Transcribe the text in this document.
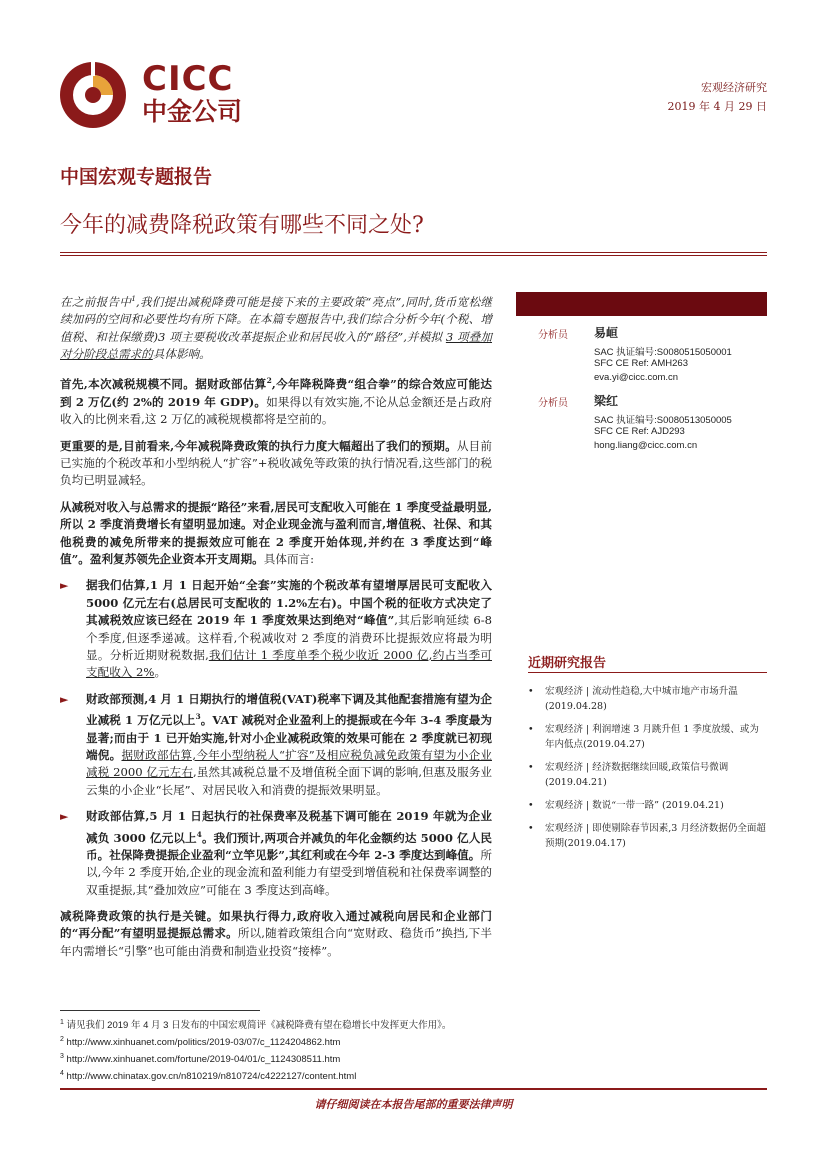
CICC
中金公司
宏观经济研究
2019 年 4 月 29 日
中国宏观专题报告
今年的减费降税政策有哪些不同之处?

在之前报告中$^1$,我们提出减税降费可能是接下来的主要政策“亮点”,同时,货币宽松继续加码的空间和必要性均有所下降。在本篇专题报告中,我们综合分析今年(个税、增值税、和社保缴费)3 项主要税收改革提振企业和居民收入的“路径”,并模拟 3 项叠加对分阶段总需求的具体影响。

首先,本次减税规模不同。据财政部估算$^2$,今年降税降费“组合拳”的综合效应可能达到 2 万亿(约 2%的 2019 年 GDP)。如果得以有效实施,不论从总金额还是占政府收入的比例来看,这 2 万亿的减税规模都将是空前的。

更重要的是,目前看来,今年减税降费政策的执行力度大幅超出了我们的预期。从目前已实施的个税改革和小型纳税人“扩容”+税收减免等政策的执行情况看,这些部门的税负均已明显减轻。

从减税对收入与总需求的提振“路径”来看,居民可支配收入可能在 1 季度受益最明显,所以 2 季度消费增长有望明显加速。对企业现金流与盈利而言,增值税、社保、和其他税费的减免所带来的提振效应可能在 2 季度开始体现,并约在 3 季度达到“峰值”。盈利复苏领先企业资本开支周期。具体而言:

► 据我们估算,1 月 1 日起开始“全套”实施的个税改革有望增厚居民可支配收入 5000 亿元左右(总居民可支配收的 1.2%左右)。中国个税的征收方式决定了其减税效应该已经在 2019 年 1 季度效果达到绝对“峰值”,其后影响延续 6-8 个季度,但逐季递减。这样看,个税减收对 2 季度的消费环比提振效应将最为明显。分析近期财税数据,我们估计 1 季度单季个税少收近 2000 亿,约占当季可支配收入 2%。
► 财政部预测,4 月 1 日期执行的增值税(VAT)税率下调及其他配套措施有望为企业减税 1 万亿元以上$^3$。VAT 减税对企业盈利上的提振或在今年 3-4 季度最为显著;而由于 1 已开始实施,针对小企业减税政策的效果可能在 2 季度就已初现端倪。据财政部估算,今年小型纳税人“扩容”及相应税负减免政策有望为小企业减税 2000 亿元左右,虽然其减税总量不及增值税全面下调的影响,但惠及服务业云集的小企业“长尾”、对居民收入和消费的提振效果明显。
► 财政部估算,5 月 1 日起执行的社保费率及税基下调可能在 2019 年就为企业减负 3000 亿元以上$^4$。我们预计,两项合并减负的年化金额约达 5000 亿人民币。社保降费提振企业盈利“立竿见影”,其红利或在今年 2-3 季度达到峰值。所以,今年 2 季度开始,企业的现金流和盈利能力有望受到增值税和社保费率调整的双重提振,其“叠加效应”可能在 3 季度达到高峰。

减税降费政策的执行是关键。如果执行得力,政府收入通过减税向居民和企业部门的“再分配”有望明显提振总需求。所以,随着政策组合向“宽财政、稳货币”换挡,下半年内需增长“引擎”也可能由消费和制造业投资“接棒”。

分析员 易峘
SAC 执证编号:S0080515050001
SFC CE Ref: AMH263
eva.yi@cicc.com.cn
分析员 梁红
SAC 执证编号:S0080513050005
SFC CE Ref: AJD293
hong.liang@cicc.com.cn
近期研究报告
• 宏观经济 | 流动性趋稳,大中城市地产市场升温
(2019.04.28)
• 宏观经济 | 利润增速 3 月跳升但 1 季度放缓、或为年内低点(2019.04.27)
• 宏观经济 | 经济数据继续回暖,政策信号微调
(2019.04.21)
• 宏观经济 | 数说“一带一路” (2019.04.21)
• 宏观经济 | 即使剔除春节因素,3 月经济数据仍全面超预期(2019.04.17)
$^1$ 请见我们 2019 年 4 月 3 日发布的中国宏观简评《减税降费有望在稳增长中发挥更大作用》。
$^2$ http://www.xinhuanet.com/politics/2019-03/07/c_1124204862.htm
$^3$ http://www.xinhuanet.com/fortune/2019-04/01/c_1124308511.htm
$^4$ http://www.chinatax.gov.cn/n810219/n810724/c4222127/content.html
请仔细阅读在本报告尾部的重要法律声明
